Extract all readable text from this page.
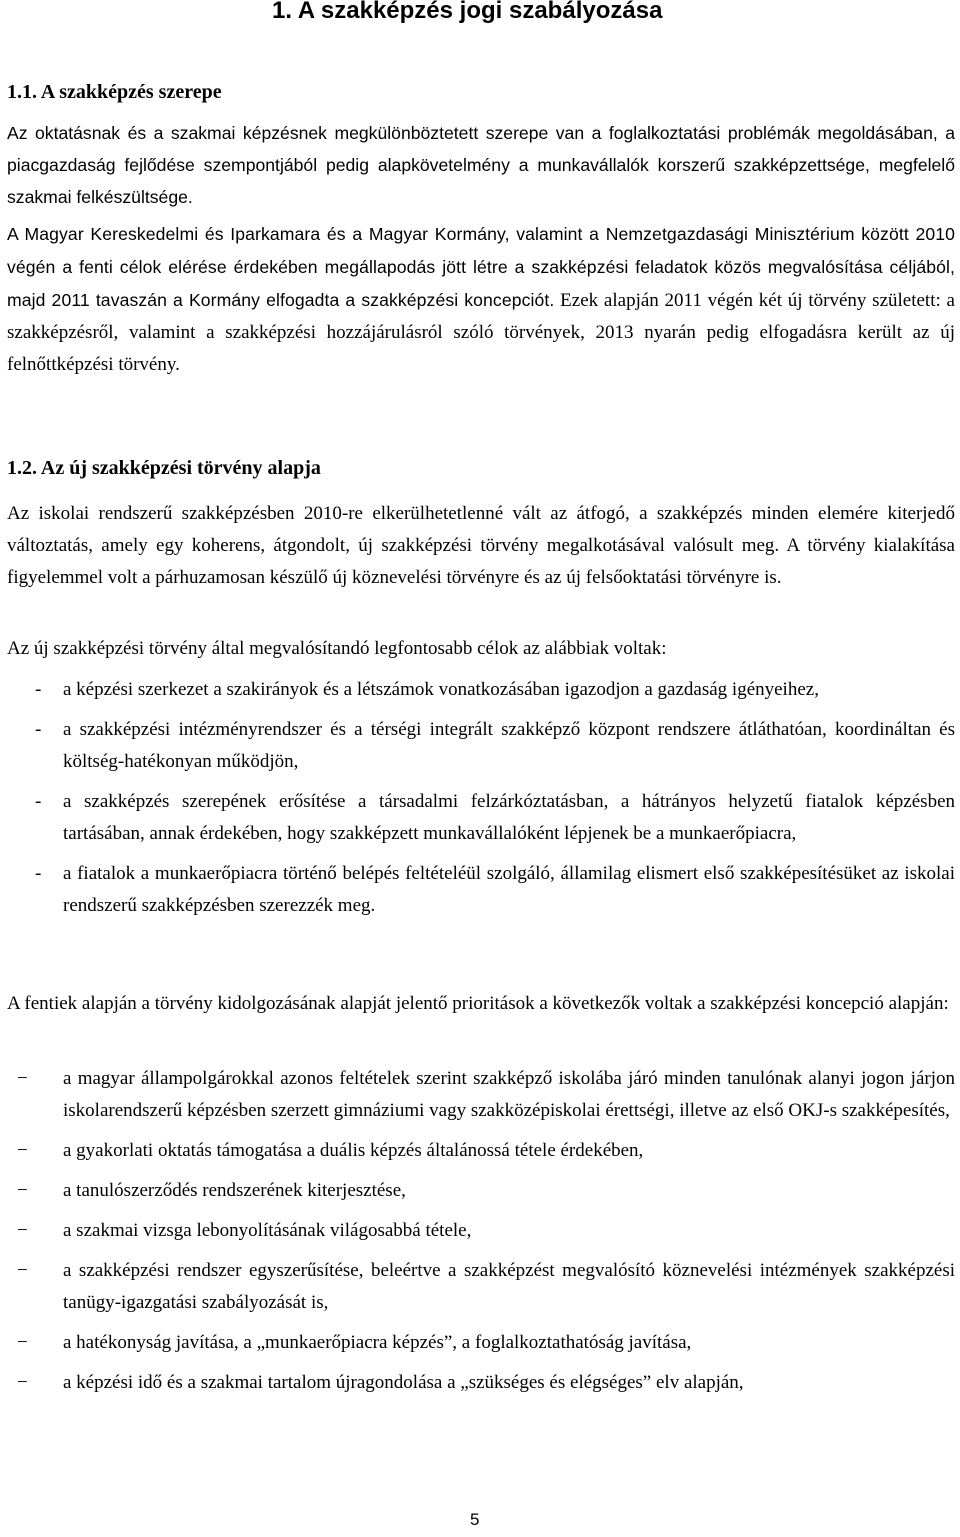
1. A szakképzés jogi szabályozása
1.1. A szakképzés szerepe

Az oktatásnak és a szakmai képzésnek megkülönböztetett szerepe van a foglalkoztatási problémák megoldásában, a piacgazdaság fejlődése szempontjából pedig alapkövetelmény a munkavállalók korszerű szakképzettsége, megfelelő szakmai felkészültsége.

A Magyar Kereskedelmi és Iparkamara és a Magyar Kormány, valamint a Nemzetgazdasági Minisztérium között 2010 végén a fenti célok elérése érdekében megállapodás jött létre a szakképzési feladatok közös megvalósítása céljából, majd 2011 tavaszán a Kormány elfogadta a szakképzési koncepciót. Ezek alapján 2011 végén két új törvény született: a szakképzésről, valamint a szakképzési hozzájárulásról szóló törvények, 2013 nyarán pedig elfogadásra került az új felnőttképzési törvény.

1.2. Az új szakképzési törvény alapja

Az iskolai rendszerű szakképzésben 2010-re elkerülhetetlenné vált az átfogó, a szakképzés minden elemére kiterjedő változtatás, amely egy koherens, átgondolt, új szakképzési törvény megalkotásával valósult meg. A törvény kialakítása figyelemmel volt a párhuzamosan készülő új köznevelési törvényre és az új felsőoktatási törvényre is.

Az új szakképzési törvény által megvalósítandó legfontosabb célok az alábbiak voltak:

- a képzési szerkezet a szakirányok és a létszámok vonatkozásában igazodjon a gazdaság igényeihez,
- a szakképzési intézményrendszer és a térségi integrált szakképző központ rendszere átláthatóan, koordináltan és költség-hatékonyan működjön,
- a szakképzés szerepének erősítése a társadalmi felzárkóztatásban, a hátrányos helyzetű fiatalok képzésben tartásában, annak érdekében, hogy szakképzett munkavállalóként lépjenek be a munkaerőpiacra,
- a fiatalok a munkaerőpiacra történő belépés feltételéül szolgáló, államilag elismert első szakképesítésüket az iskolai rendszerű szakképzésben szerezzék meg.

A fentiek alapján a törvény kidolgozásának alapját jelentő prioritások a következők voltak a szakképzési koncepció alapján:

− a magyar állampolgárokkal azonos feltételek szerint szakképző iskolába járó minden tanulónak alanyi jogon járjon iskolarendszerű képzésben szerzett gimnáziumi vagy szakközépiskolai érettségi, illetve az első OKJ-s szakképesítés,
− a gyakorlati oktatás támogatása a duális képzés általánossá tétele érdekében,
− a tanulószerződés rendszerének kiterjesztése,
− a szakmai vizsga lebonyolításának világosabbá tétele,
− a szakképzési rendszer egyszerűsítése, beleértve a szakképzést megvalósító köznevelési intézmények szakképzési tanügy-igazgatási szabályozását is,
− a hatékonyság javítása, a „munkaerőpiacra képzés”, a foglalkoztathatóság javítása,
− a képzési idő és a szakmai tartalom újragondolása a „szükséges és elégséges” elv alapján,
5
